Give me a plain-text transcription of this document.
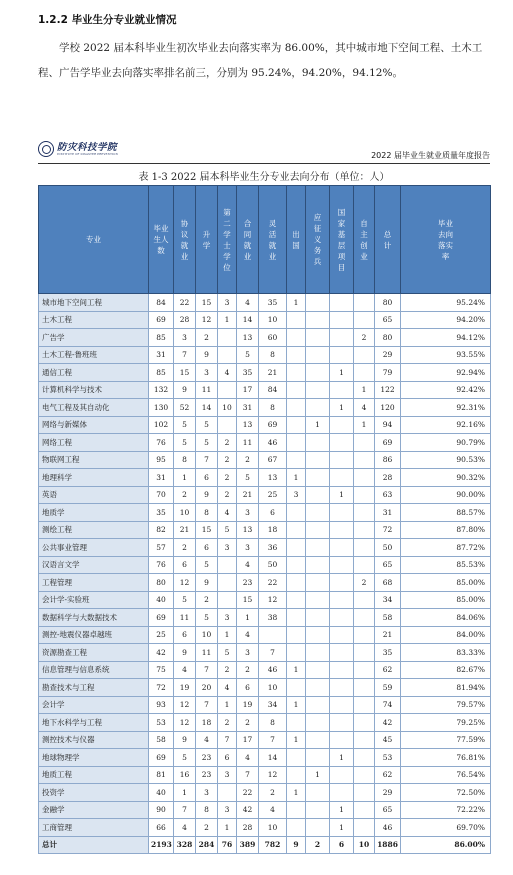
1.2.2 毕业生分专业就业情况
学校 2022 届本科毕业生初次毕业去向落实率为 86.00%，其中城市地下空间工程、土木工程、广告学毕业去向落实率排名前三，分别为 95.24%，94.20%，94.12%。
防灾科技学院
INSTITUTE OF DISASTER PREVENTION	2022 届毕业生就业质量年度报告
表 1-3 2022 届本科毕业生分专业去向分布（单位：人）
专业	毕业生人数	协议就业	升学	第二学士学位	合同就业	灵活就业	出国	应征义务兵	国家基层项目	自主创业	总计	毕业去向落实率
城市地下空间工程	84	22	15	3	4	35	1				80	95.24%
土木工程	69	28	12	1	14	10					65	94.20%
广告学	85	3	2		13	60				2	80	94.12%
土木工程-鲁班班	31	7	9		5	8					29	93.55%
通信工程	85	15	3	4	35	21			1		79	92.94%
计算机科学与技术	132	9	11		17	84				1	122	92.42%
电气工程及其自动化	130	52	14	10	31	8			1	4	120	92.31%
网络与新媒体	102	5	5		13	69		1		1	94	92.16%
网络工程	76	5	5	2	11	46					69	90.79%
物联网工程	95	8	7	2	2	67					86	90.53%
地理科学	31	1	6	2	5	13	1				28	90.32%
英语	70	2	9	2	21	25	3		1		63	90.00%
地质学	35	10	8	4	3	6					31	88.57%
测绘工程	82	21	15	5	13	18					72	87.80%
公共事业管理	57	2	6	3	3	36					50	87.72%
汉语言文学	76	6	5		4	50					65	85.53%
工程管理	80	12	9		23	22				2	68	85.00%
会计学-实验班	40	5	2		15	12					34	85.00%
数据科学与大数据技术	69	11	5	3	1	38					58	84.06%
测控-地震仪器卓越班	25	6	10	1	4						21	84.00%
资源勘查工程	42	9	11	5	3	7					35	83.33%
信息管理与信息系统	75	4	7	2	2	46	1				62	82.67%
勘查技术与工程	72	19	20	4	6	10					59	81.94%
会计学	93	12	7	1	19	34	1				74	79.57%
地下水科学与工程	53	12	18	2	2	8					42	79.25%
测控技术与仪器	58	9	4	7	17	7	1				45	77.59%
地球物理学	69	5	23	6	4	14			1		53	76.81%
地质工程	81	16	23	3	7	12		1			62	76.54%
投资学	40	1	3		22	2	1				29	72.50%
金融学	90	7	8	3	42	4			1		65	72.22%
工商管理	66	4	2	1	28	10			1		46	69.70%
总计	2193	328	284	76	389	782	9	2	6	10	1886	86.00%
